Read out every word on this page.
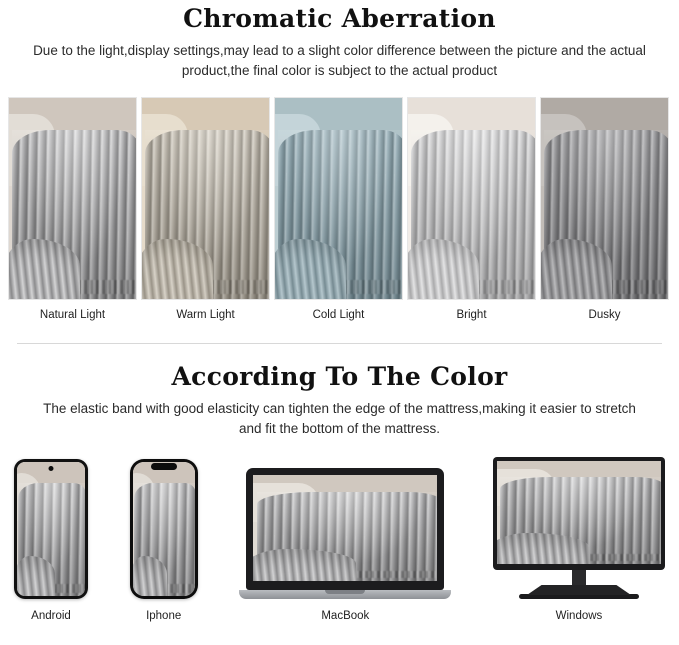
Chromatic Aberration

Due to the light,display settings,may lead to a slight color difference between the picture and the actual product,the final color is subject to the actual product

Natural Light	Warm Light	Cold Light	Bright	Dusky
According To The Color

The elastic band with good elasticity can tighten the edge of the mattress,making it easier to stretch and fit the bottom of the mattress.

Android	Iphone	MacBook	Windows
